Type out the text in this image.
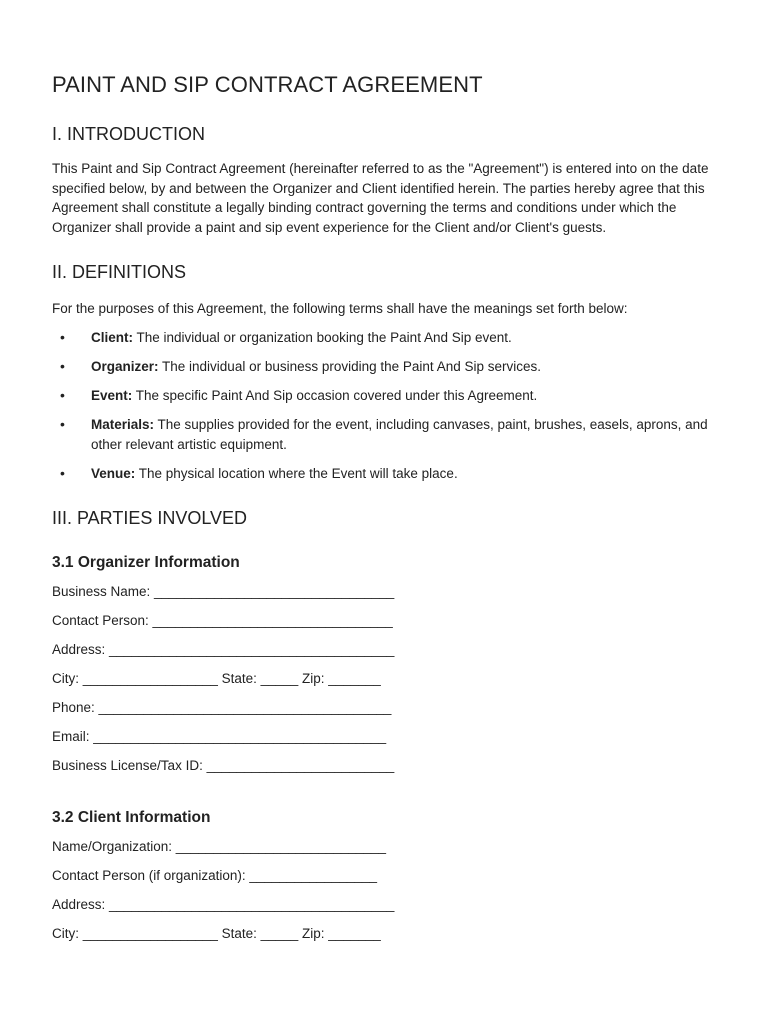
PAINT AND SIP CONTRACT AGREEMENT
I. INTRODUCTION

This Paint and Sip Contract Agreement (hereinafter referred to as the "Agreement") is entered into on the date specified below, by and between the Organizer and Client identified herein. The parties hereby agree that this Agreement shall constitute a legally binding contract governing the terms and conditions under which the Organizer shall provide a paint and sip event experience for the Client and/or Client's guests.

II. DEFINITIONS

For the purposes of this Agreement, the following terms shall have the meanings set forth below:

• Client: The individual or organization booking the Paint And Sip event.
• Organizer: The individual or business providing the Paint And Sip services.
• Event: The specific Paint And Sip occasion covered under this Agreement.
• Materials: The supplies provided for the event, including canvases, paint, brushes, easels, aprons, and other relevant artistic equipment.
• Venue: The physical location where the Event will take place.
III. PARTIES INVOLVED
3.1 Organizer Information
Business Name: ________________________________
Contact Person: ________________________________
Address: ______________________________________
City: __________________ State: _____ Zip: _______
Phone: _______________________________________
Email: _______________________________________
Business License/Tax ID: _________________________
3.2 Client Information
Name/Organization: ____________________________
Contact Person (if organization): _________________
Address: ______________________________________
City: __________________ State: _____ Zip: _______
